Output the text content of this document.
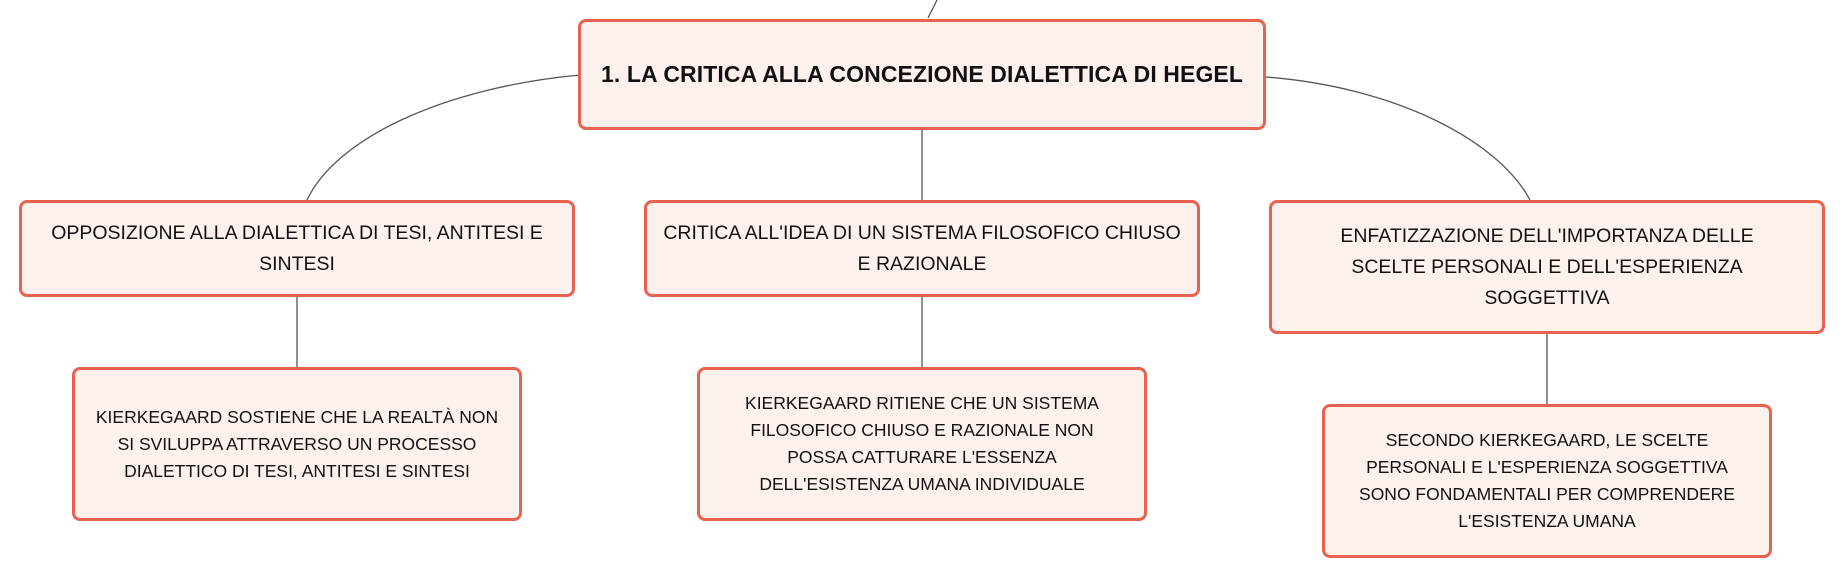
1. LA CRITICA ALLA CONCEZIONE DIALETTICA DI HEGEL
OPPOSIZIONE ALLA DIALETTICA DI TESI, ANTITESI E SINTESI
CRITICA ALL'IDEA DI UN SISTEMA FILOSOFICO CHIUSO E RAZIONALE
ENFATIZZAZIONE DELL'IMPORTANZA DELLE SCELTE PERSONALI E DELL'ESPERIENZA SOGGETTIVA
KIERKEGAARD SOSTIENE CHE LA REALTÀ NON SI SVILUPPA ATTRAVERSO UN PROCESSO DIALETTICO DI TESI, ANTITESI E SINTESI
KIERKEGAARD RITIENE CHE UN SISTEMA FILOSOFICO CHIUSO E RAZIONALE NON POSSA CATTURARE L'ESSENZA DELL'ESISTENZA UMANA INDIVIDUALE
SECONDO KIERKEGAARD, LE SCELTE PERSONALI E L'ESPERIENZA SOGGETTIVA SONO FONDAMENTALI PER COMPRENDERE L'ESISTENZA UMANA
